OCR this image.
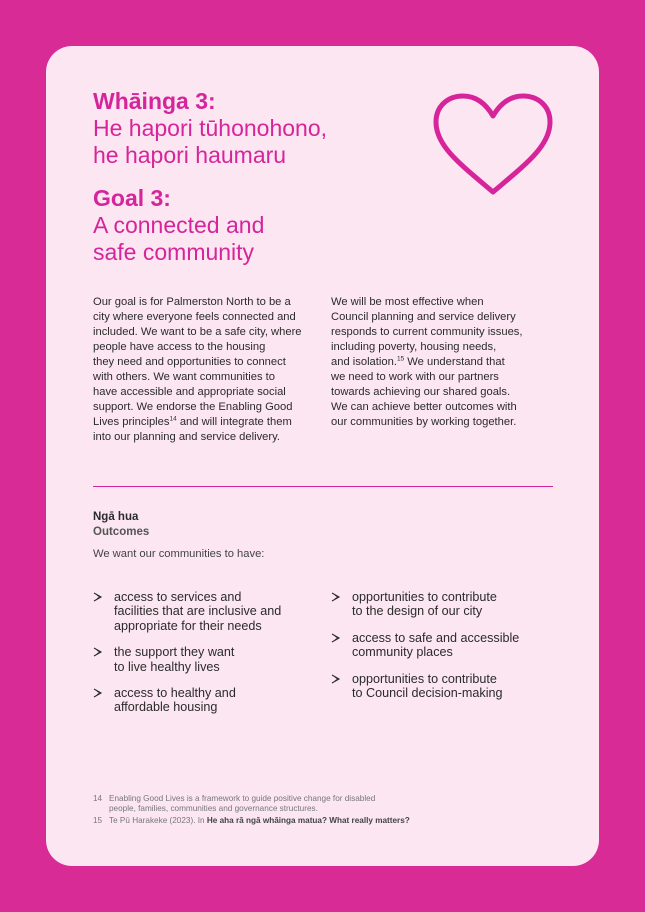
Whāinga 3:
He hapori tūhonohono,
he hapori haumaru
Goal 3:
A connected and
safe community
Our goal is for Palmerston North to be a
city where everyone feels connected and
included. We want to be a safe city, where
people have access to the housing
they need and opportunities to connect
with others. We want communities to
have accessible and appropriate social
support. We endorse the Enabling Good
Lives principles$^{14}$ and will integrate them
into our planning and service delivery.
We will be most effective when
Council planning and service delivery
responds to current community issues,
including poverty, housing needs,
and isolation.$^{15}$ We understand that
we need to work with our partners
towards achieving our shared goals.
We can achieve better outcomes with
our communities by working together.
Ngā hua
Outcomes
We want our communities to have:
access to services and
facilities that are inclusive and
appropriate for their needs
the support they want
to live healthy lives
access to healthy and
affordable housing
opportunities to contribute
to the design of our city
access to safe and accessible
community places
opportunities to contribute
to Council decision-making
14 Enabling Good Lives is a framework to guide positive change for disabled
people, families, communities and governance structures.
15 Te Pū Harakeke (2023). In He aha rā ngā whāinga matua? What really matters?
